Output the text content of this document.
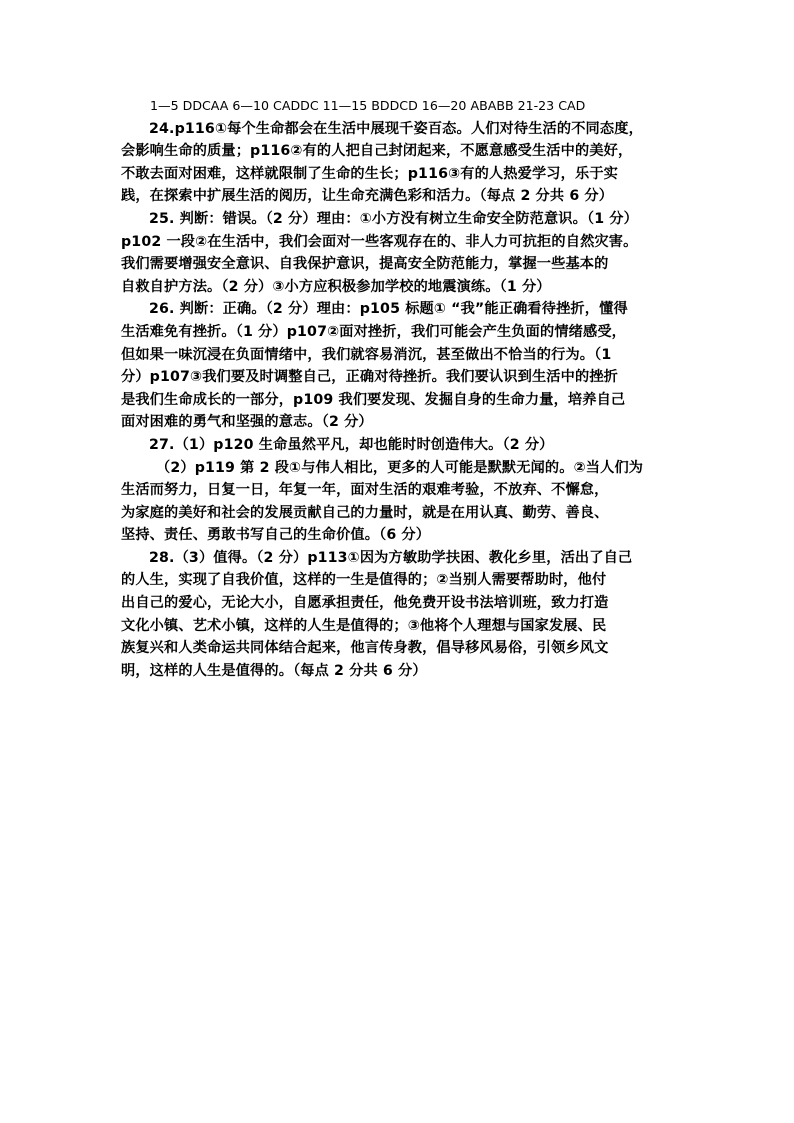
1—5 DDCAA 6—10 CADDC 11—15 BDDCD 16—20 ABABB 21-23 CAD
24.p116①每个生命都会在生活中展现千姿百态。人们对待生活的不同态度，
会影响生命的质量；p116②有的人把自己封闭起来，不愿意感受生活中的美好，
不敢去面对困难，这样就限制了生命的生长；p116③有的人热爱学习，乐于实
践，在探索中扩展生活的阅历，让生命充满色彩和活力。（每点 2 分共 6 分）
25. 判断：错误。（2 分）理由：①小方没有树立生命安全防范意识。（1 分）
p102 一段②在生活中，我们会面对一些客观存在的、非人力可抗拒的自然灾害。
我们需要增强安全意识、自我保护意识，提高安全防范能力，掌握一些基本的
自救自护方法。（2 分）③小方应积极参加学校的地震演练。（1 分）
26. 判断：正确。（2 分）理由：p105 标题① “我”能正确看待挫折，懂得
生活难免有挫折。（1 分）p107②面对挫折，我们可能会产生负面的情绪感受，
但如果一味沉浸在负面情绪中，我们就容易消沉，甚至做出不恰当的行为。（1
分）p107③我们要及时调整自己，正确对待挫折。我们要认识到生活中的挫折
是我们生命成长的一部分，p109 我们要发现、发掘自身的生命力量，培养自己
面对困难的勇气和坚强的意志。（2 分）
27.（1）p120 生命虽然平凡，却也能时时创造伟大。（2 分）
（2）p119 第 2 段①与伟人相比，更多的人可能是默默无闻的。②当人们为
生活而努力，日复一日，年复一年，面对生活的艰难考验，不放弃、不懈怠，
为家庭的美好和社会的发展贡献自己的力量时，就是在用认真、勤劳、善良、
坚持、责任、勇敢书写自己的生命价值。（6 分）
28.（3）值得。（2 分）p113①因为方敏助学扶困、教化乡里，活出了自己
的人生，实现了自我价值，这样的一生是值得的；②当别人需要帮助时，他付
出自己的爱心，无论大小，自愿承担责任，他免费开设书法培训班，致力打造
文化小镇、艺术小镇，这样的人生是值得的；③他将个人理想与国家发展、民
族复兴和人类命运共同体结合起来，他言传身教，倡导移风易俗，引领乡风文
明，这样的人生是值得的。（每点 2 分共 6 分）
